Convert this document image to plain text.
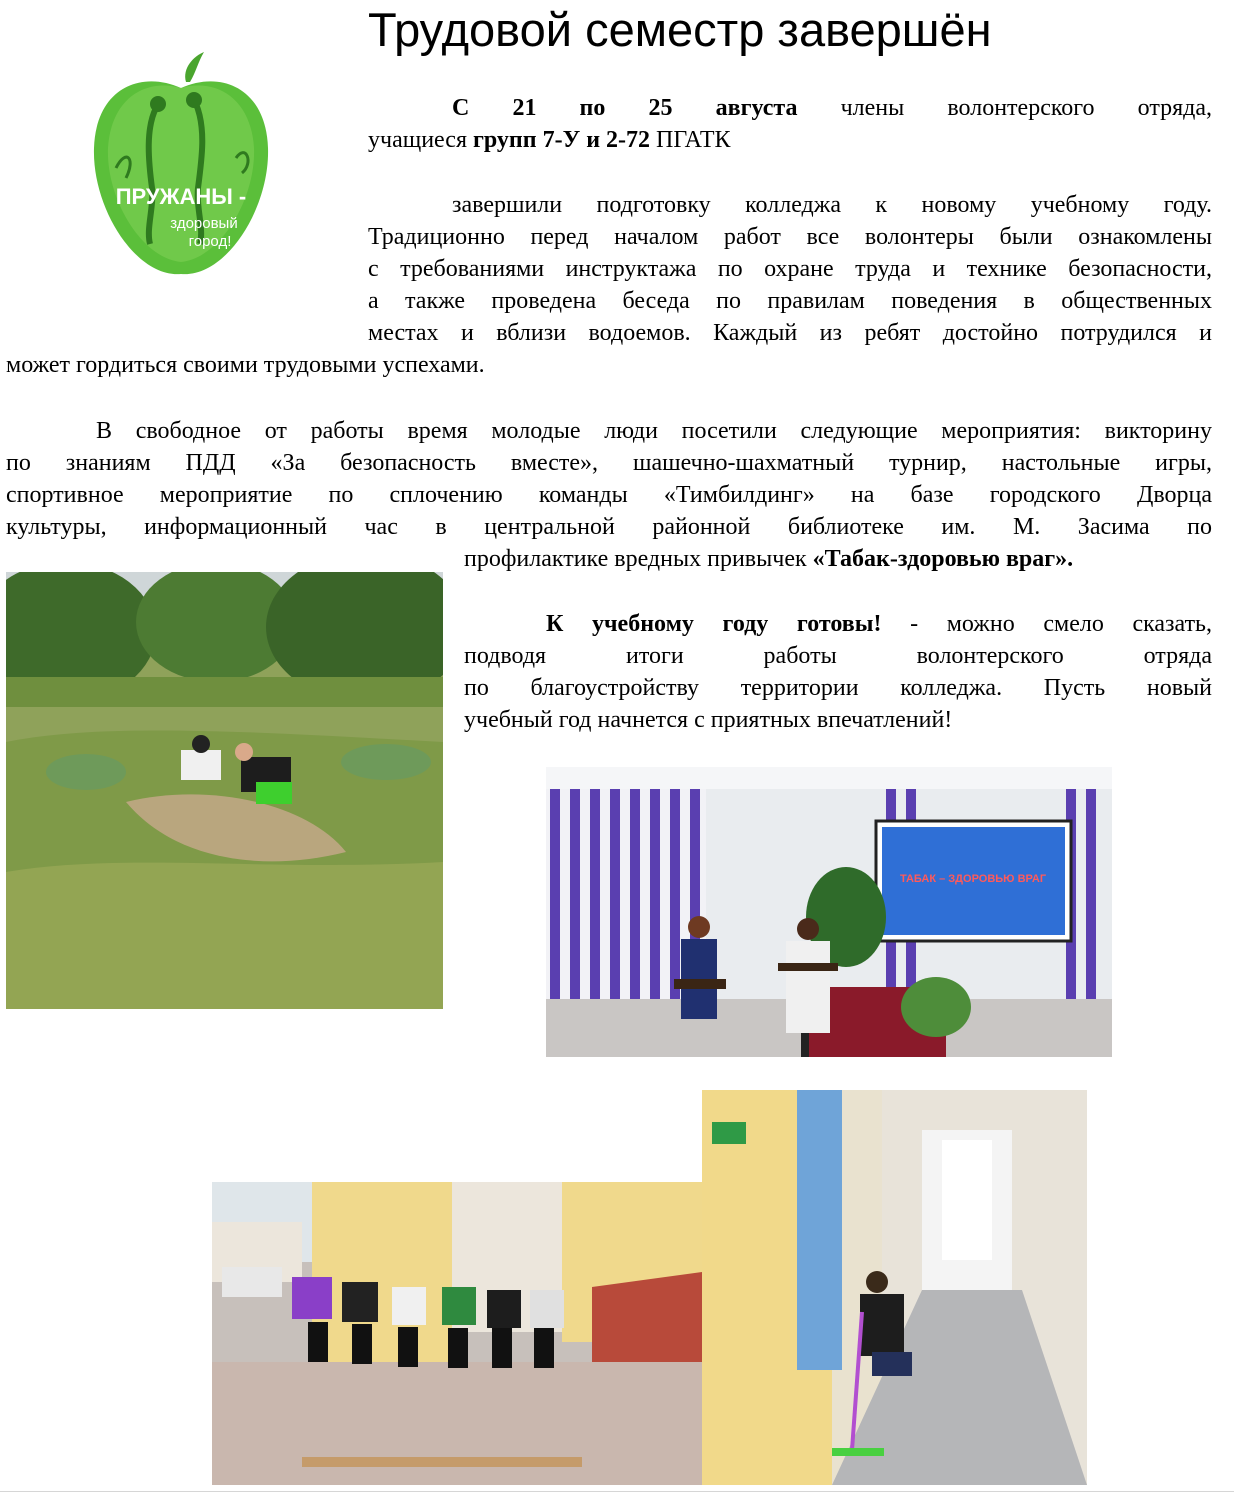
Трудовой семестр завершён
ПРУЖАНЫ -
здоровый
город!
С 21 по 25 августа члены волонтерского отряда,
учащиеся групп 7-У и 2-72 ПГАТК
завершили подготовку колледжа к новому учебному году.
Традиционно перед началом работ все волонтеры были ознакомлены
с требованиями инструктажа по охране труда и технике безопасности,
а также проведена беседа по правилам поведения в общественных
местах и вблизи водоемов. Каждый из ребят достойно потрудился и
может гордиться своими трудовыми успехами.
В свободное от работы время молодые люди посетили следующие мероприятия: викторину
по знаниям ПДД «За безопасность вместе», шашечно-шахматный турнир, настольные игры,
спортивное мероприятие по сплочению команды «Тимбилдинг» на базе городского Дворца
культуры, информационный час в центральной районной библиотеке им. М. Засима по
профилактике вредных привычек «Табак-здоровью враг».
К учебному году готовы! - можно смело сказать,
подводя итоги работы волонтерского отряда
по благоустройству территории колледжа. Пусть новый
учебный год начнется с приятных впечатлений!
ТАБАК – ЗДОРОВЬЮ ВРАГ
